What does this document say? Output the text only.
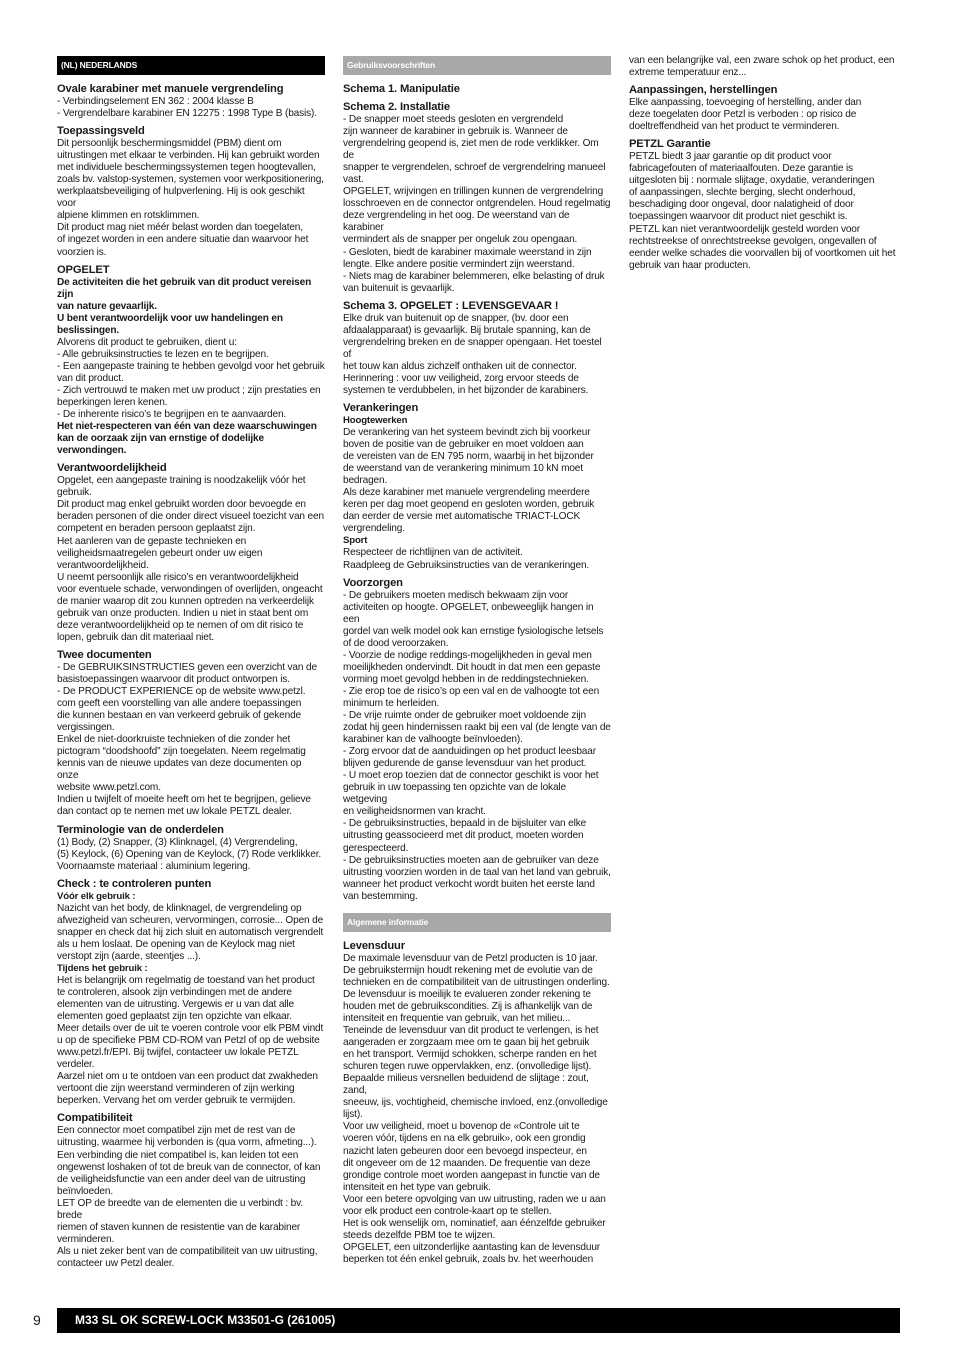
(NL) NEDERLANDS
Ovale karabiner met manuele vergrendeling
- Verbindingselement EN 362 : 2004 klasse B
- Vergrendelbare karabiner EN 12275 : 1998 Type B (basis).
Toepassingsveld
Dit persoonlijk beschermingsmiddel (PBM) dient om
uitrustingen met elkaar te verbinden. Hij kan gebruikt worden
met individuele beschermingssystemen tegen hoogtevallen,
zoals bv. valstop-systemen, systemen voor werkpositionering,
werkplaatsbeveiliging of hulpverlening. Hij is ook geschikt voor
alpiene klimmen en rotsklimmen.
Dit product mag niet méér belast worden dan toegelaten,
of ingezet worden in een andere situatie dan waarvoor het
voorzien is.
OPGELET
De activiteiten die het gebruik van dit product vereisen zijn
van nature gevaarlijk.
U bent verantwoordelijk voor uw handelingen en
beslissingen.
Alvorens dit product te gebruiken, dient u:
- Alle gebruiksinstructies te lezen en te begrijpen.
- Een aangepaste training te hebben gevolgd voor het gebruik
van dit product.
- Zich vertrouwd te maken met uw product ; zijn prestaties en
beperkingen leren kenen.
- De inherente risico’s te begrijpen en te aanvaarden.
Het niet-respecteren van één van deze waarschuwingen
kan de oorzaak zijn van ernstige of dodelijke verwondingen.
Verantwoordelijkheid
Opgelet, een aangepaste training is noodzakelijk vóór het
gebruik.
Dit product mag enkel gebruikt worden door bevoegde en
beraden personen of die onder direct visueel toezicht van een
competent en beraden persoon geplaatst zijn.
Het aanleren van de gepaste technieken en
veiligheidsmaatregelen gebeurt onder uw eigen
verantwoordelijkheid.
U neemt persoonlijk alle risico’s en verantwoordelijkheid
voor eventuele schade, verwondingen of overlijden, ongeacht
de manier waarop dit zou kunnen optreden na verkeerdelijk
gebruik van onze producten. Indien u niet in staat bent om
deze verantwoordelijkheid op te nemen of om dit risico te
lopen, gebruik dan dit materiaal niet.
Twee documenten
- De GEBRUIKSINSTRUCTIES geven een overzicht van de
basistoepassingen waarvoor dit product ontworpen is.
- De PRODUCT EXPERIENCE op de website www.petzl.
com geeft een voorstelling van alle andere toepassingen
die kunnen bestaan en van verkeerd gebruik of gekende
vergissingen.
Enkel de niet-doorkruiste technieken of die zonder het
pictogram “doodshoofd” zijn toegelaten. Neem regelmatig
kennis van de nieuwe updates van deze documenten op onze
website www.petzl.com.
Indien u twijfelt of moeite heeft om het te begrijpen, gelieve
dan contact op te nemen met uw lokale PETZL dealer.
Terminologie van de onderdelen
(1) Body, (2) Snapper, (3) Klinknagel, (4) Vergrendeling,
(5) Keylock, (6) Opening van de Keylock, (7) Rode verklikker.
Voornaamste materiaal : aluminium legering.
Check : te controleren punten
Vóór elk gebruik :
Nazicht van het body, de klinknagel, de vergrendeling op
afwezigheid van scheuren, vervormingen, corrosie... Open de
snapper en check dat hij zich sluit en automatisch vergrendelt
als u hem loslaat. De opening van de Keylock mag niet
verstopt zijn (aarde, steentjes ...).
Tijdens het gebruik :
Het is belangrijk om regelmatig de toestand van het product
te controleren, alsook zijn verbindingen met de andere
elementen van de uitrusting. Vergewis er u van dat alle
elementen goed geplaatst zijn ten opzichte van elkaar.
Meer details over de uit te voeren controle voor elk PBM vindt
u op de specifieke PBM CD-ROM van Petzl of op de website
www.petzl.fr/EPI. Bij twijfel, contacteer uw lokale PETZL
verdeler.
Aarzel niet om u te ontdoen van een product dat zwakheden
vertoont die zijn weerstand verminderen of zijn werking
beperken. Vervang het om verder gebruik te vermijden.
Compatibiliteit
Een connector moet compatibel zijn met de rest van de
uitrusting, waarmee hij verbonden is (qua vorm, afmeting...).
Een verbinding die niet compatibel is, kan leiden tot een
ongewenst loshaken of tot de breuk van de connector, of kan
de veiligheidsfunctie van een ander deel van de uitrusting
beïnvloeden.
LET OP de breedte van de elementen die u verbindt : bv. brede
riemen of staven kunnen de resistentie van de karabiner
verminderen.
Als u niet zeker bent van de compatibiliteit van uw uitrusting,
contacteer uw Petzl dealer.
Gebruiksvoorschriften
Schema 1. Manipulatie
Schema 2. Installatie
- De snapper moet steeds gesloten en vergrendeld
zijn wanneer de karabiner in gebruik is. Wanneer de
vergrendelring geopend is, ziet men de rode verklikker. Om de
snapper te vergrendelen, schroef de vergrendelring manueel
vast.
OPGELET, wrijvingen en trillingen kunnen de vergrendelring
losschroeven en de connector ontgrendelen. Houd regelmatig
deze vergrendeling in het oog. De weerstand van de karabiner
vermindert als de snapper per ongeluk zou opengaan.
- Gesloten, biedt de karabiner maximale weerstand in zijn
lengte. Elke andere positie vermindert zijn weerstand.
- Niets mag de karabiner belemmeren, elke belasting of druk
van buitenuit is gevaarlijk.
Schema 3. OPGELET : LEVENSGEVAAR !
Elke druk van buitenuit op de snapper, (bv. door een
afdaalapparaat) is gevaarlijk. Bij brutale spanning, kan de
vergrendelring breken en de snapper opengaan. Het toestel of
het touw kan aldus zichzelf onthaken uit de connector.
Herinnering : voor uw veiligheid, zorg ervoor steeds de
systemen te verdubbelen, in het bijzonder de karabiners.
Verankeringen
Hoogtewerken
De verankering van het systeem bevindt zich bij voorkeur
boven de positie van de gebruiker en moet voldoen aan
de vereisten van de EN 795 norm, waarbij in het bijzonder
de weerstand van de verankering minimum 10 kN moet
bedragen.
Als deze karabiner met manuele vergrendeling meerdere
keren per dag moet geopend en gesloten worden, gebruik
dan eerder de versie met automatische TRIACT-LOCK
vergrendeling.
Sport
Respecteer de richtlijnen van de activiteit.
Raadpleeg de Gebruiksinstructies van de verankeringen.
Voorzorgen
- De gebruikers moeten medisch bekwaam zijn voor
activiteiten op hoogte. OPGELET, onbeweeglijk hangen in een
gordel van welk model ook kan ernstige fysiologische letsels
of de dood veroorzaken.
- Voorzie de nodige reddings-mogelijkheden in geval men
moeilijkheden ondervindt. Dit houdt in dat men een gepaste
vorming moet gevolgd hebben in de reddingstechnieken.
- Zie erop toe de risico’s op een val en de valhoogte tot een
minimum te herleiden.
- De vrije ruimte onder de gebruiker moet voldoende zijn
zodat hij geen hindernissen raakt bij een val (de lengte van de
karabiner kan de valhoogte beïnvloeden).
- Zorg ervoor dat de aanduidingen op het product leesbaar
blijven gedurende de ganse levensduur van het product.
- U moet erop toezien dat de connector geschikt is voor het
gebruik in uw toepassing ten opzichte van de lokale wetgeving
en veiligheidsnormen van kracht.
- De gebruiksinstructies, bepaald in de bijsluiter van elke
uitrusting geassocieerd met dit product, moeten worden
gerespecteerd.
- De gebruiksinstructies moeten aan de gebruiker van deze
uitrusting voorzien worden in de taal van het land van gebruik,
wanneer het product verkocht wordt buiten het eerste land
van bestemming.
Algemene informatie
Levensduur
De maximale levensduur van de Petzl producten is 10 jaar.
De gebruikstermijn houdt rekening met de evolutie van de
technieken en de compatibiliteit van de uitrustingen onderling.
De levensduur is moeilijk te evalueren zonder rekening te
houden met de gebruikscondities. Zij is afhankelijk van de
intensiteit en frequentie van gebruik, van het milieu...
Teneinde de levensduur van dit product te verlengen, is het
aangeraden er zorgzaam mee om te gaan bij het gebruik
en het transport. Vermijd schokken, scherpe randen en het
schuren tegen ruwe oppervlakken, enz. (onvolledige lijst).
Bepaalde milieus versnellen beduidend de slijtage : zout, zand,
sneeuw, ijs, vochtigheid, chemische invloed, enz.(onvolledige
lijst).
Voor uw veiligheid, moet u bovenop de «Controle uit te
voeren vóór, tijdens en na elk gebruik», ook een grondig
nazicht laten gebeuren door een bevoegd inspecteur, en
dit ongeveer om de 12 maanden. De frequentie van deze
grondige controle moet worden aangepast in functie van de
intensiteit en het type van gebruik.
Voor een betere opvolging van uw uitrusting, raden we u aan
voor elk product een controle-kaart op te stellen.
Het is ook wenselijk om, nominatief, aan éénzelfde gebruiker
steeds dezelfde PBM toe te wijzen.
OPGELET, een uitzonderlijke aantasting kan de levensduur
beperken tot één enkel gebruik, zoals bv. het weerhouden
van een belangrijke val, een zware schok op het product, een
extreme temperatuur enz...
Aanpassingen, herstellingen
Elke aanpassing, toevoeging of herstelling, ander dan
deze toegelaten door Petzl is verboden : op risico de
doeltreffendheid van het product te verminderen.
PETZL Garantie
PETZL biedt 3 jaar garantie op dit product voor
fabricagefouten of materiaalfouten. Deze garantie is
uitgesloten bij : normale slijtage, oxydatie, veranderingen
of aanpassingen, slechte berging, slecht onderhoud,
beschadiging door ongeval, door nalatigheid of door
toepassingen waarvoor dit product niet geschikt is.
PETZL kan niet verantwoordelijk gesteld worden voor
rechtstreekse of onrechtstreekse gevolgen, ongevallen of
eender welke schades die voorvallen bij of voortkomen uit het
gebruik van haar producten.
9	M33 SL OK SCREW-LOCK M33501-G (261005)
